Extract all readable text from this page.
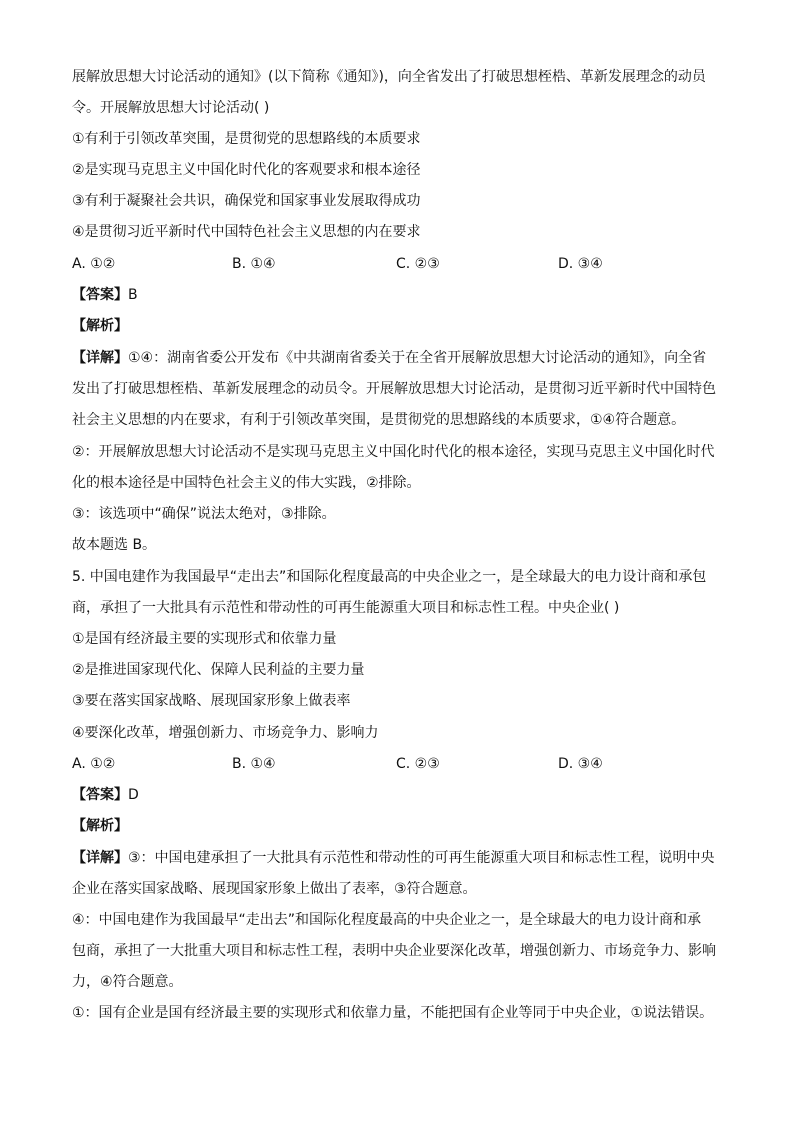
展解放思想大讨论活动的通知》(以下简称《通知》)，向全省发出了打破思想桎梏、革新发展理念的动员
令。开展解放思想大讨论活动( )
①有利于引领改革突围，是贯彻党的思想路线的本质要求
②是实现马克思主义中国化时代化的客观要求和根本途径
③有利于凝聚社会共识，确保党和国家事业发展取得成功
④是贯彻习近平新时代中国特色社会主义思想的内在要求
A. ①②	B. ①④	C. ②③	D. ③④
【答案】B
【解析】
【详解】①④：湖南省委公开发布《中共湖南省委关于在全省开展解放思想大讨论活动的通知》，向全省
发出了打破思想桎梏、革新发展理念的动员令。开展解放思想大讨论活动，是贯彻习近平新时代中国特色
社会主义思想的内在要求，有利于引领改革突围，是贯彻党的思想路线的本质要求，①④符合题意。
②：开展解放思想大讨论活动不是实现马克思主义中国化时代化的根本途径，实现马克思主义中国化时代
化的根本途径是中国特色社会主义的伟大实践，②排除。
③：该选项中“确保”说法太绝对，③排除。
故本题选 B。
5. 中国电建作为我国最早“走出去”和国际化程度最高的中央企业之一，是全球最大的电力设计商和承包
商，承担了一大批具有示范性和带动性的可再生能源重大项目和标志性工程。中央企业( )
①是国有经济最主要的实现形式和依靠力量
②是推进国家现代化、保障人民利益的主要力量
③要在落实国家战略、展现国家形象上做表率
④要深化改革，增强创新力、市场竞争力、影响力
A. ①②	B. ①④	C. ②③	D. ③④
【答案】D
【解析】
【详解】③：中国电建承担了一大批具有示范性和带动性的可再生能源重大项目和标志性工程，说明中央
企业在落实国家战略、展现国家形象上做出了表率，③符合题意。
④：中国电建作为我国最早“走出去”和国际化程度最高的中央企业之一，是全球最大的电力设计商和承
包商，承担了一大批重大项目和标志性工程，表明中央企业要深化改革，增强创新力、市场竞争力、影响
力，④符合题意。
①：国有企业是国有经济最主要的实现形式和依靠力量，不能把国有企业等同于中央企业，①说法错误。
